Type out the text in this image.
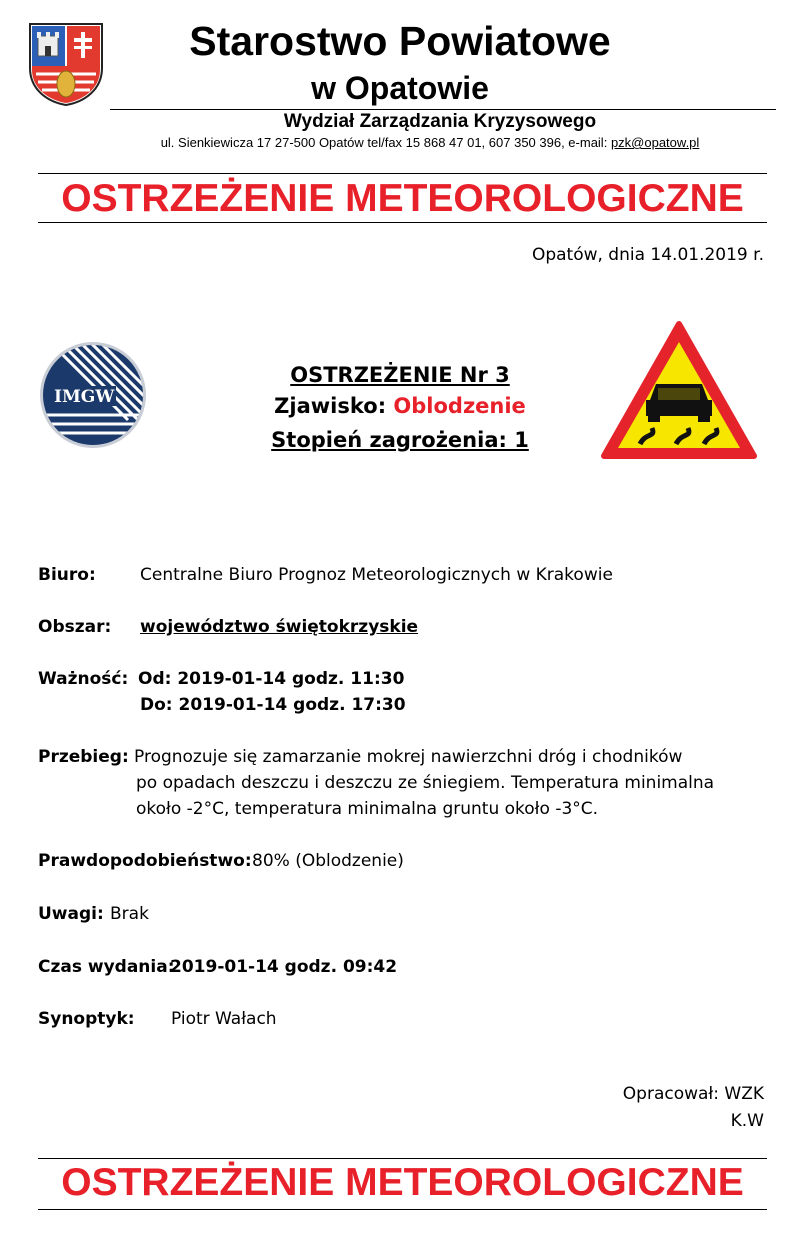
Starostwo Powiatowe
w Opatowie
Wydział Zarządzania Kryzysowego
ul. Sienkiewicza 17 27-500 Opatów tel/fax 15 868 47 01, 607 350 396, e-mail: pzk@opatow.pl
OSTRZEŻENIE METEOROLOGICZNE
Opatów, dnia 14.01.2019 r.
IMGW
OSTRZEŻENIE Nr 3
Zjawisko: Oblodzenie
Stopień zagrożenia: 1
Biuro:	Centralne Biuro Prognoz Meteorologicznych w Krakowie
Obszar: województwo świętokrzyskie
Ważność: Od: 2019-01-14 godz. 11:30
Do: 2019-01-14 godz. 17:30
Przebieg: Prognozuje się zamarzanie mokrej nawierzchni dróg i chodników
po opadach deszczu i deszczu ze śniegiem. Temperatura minimalna
około -2°C, temperatura minimalna gruntu około -3°C.
Prawdopodobieństwo: 80% (Oblodzenie)
Uwagi: Brak
Czas wydania:
2019-01-14 godz. 09:42
Synoptyk: Piotr Wałach
Opracował: WZK
K.W
OSTRZEŻENIE METEOROLOGICZNE
